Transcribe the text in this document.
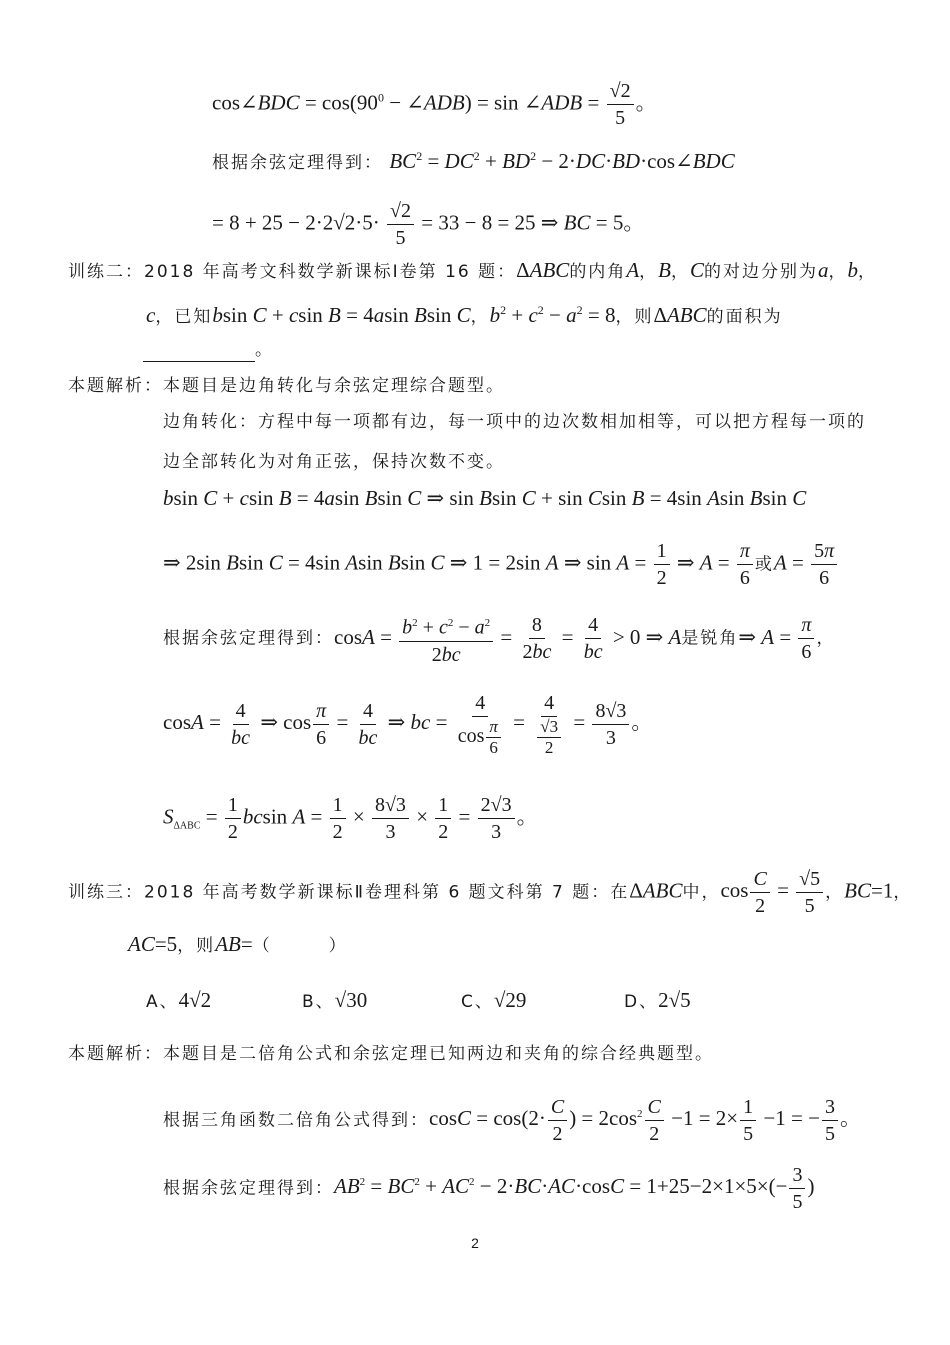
cos∠BDC = $\cos(90^0$ − ∠ADB) = sin ∠ADB = $\frac{√2}{5}$ 。
根据余弦定理得到： $BC^2 = DC^2 + BD^2$ − 2·DC·BD·cos∠BDC
= $8 + 25 - 2\cdot 2√2\cdot 5\cdot \frac{√2}{5} = 33 - 8 = 25$ ⇒ BC = 5。
训练二：2018 年高考文科数学新课标Ⅰ卷第 16 题：ΔABC的内角A，B，C的对边分别为a，b，
c，已知bsin C + csin B = 4asin Bsin C，$b^2 + c^2 - a^2 = 8$，则ΔABC的面积为
。
本题解析：本题目是边角转化与余弦定理综合题型。
边角转化：方程中每一项都有边，每一项中的边次数相加相等，可以把方程每一项的
边全部转化为对角正弦，保持次数不变。
bsin C + csin B = 4asin Bsin C ⇒ sin Bsin C + sin Csin B = 4sin Asin Bsin C
⇒ 2sin Bsin C = 4sin Asin Bsin C ⇒ 1 = 2sin A ⇒ $\sin A = \frac{1}{2}$ ⇒ $A = \frac{\pi}{6}$ 或$A = \frac{5\pi}{6}$
根据余弦定理得到：$\cos A = \frac{b^2 + c^2 - a^2}{2bc} = \frac{8}{2bc} = \frac{4}{bc} > 0$ ⇒ A是锐角⇒ $A = \frac{\pi}{6}$ ，
$\cos A = \frac{4}{bc}$ ⇒ $\cos \frac{\pi}{6} = \frac{4}{bc}$ ⇒ bc = $\frac{4}{\cos \frac{\pi}{6}} = \frac{4}{\frac{√3}{2}} = \frac{8√3}{3}$ 。
$S_{\Delta ABC} = \frac{1}{2}$ bcsin $A = \frac{1}{2} \times \frac{8√3}{3} \times \frac{1}{2} = \frac{2√3}{3}$ 。
训练三：2018 年高考数学新课标Ⅱ卷理科第 6 题文科第 7 题：在ΔABC中，$\cos \frac{C}{2} = \frac{√5}{5}$ ，BC=1，
AC=5，则AB=（　　　）
A、4√2	B、√30	C、√29	D、2√5
本题解析：本题目是二倍角公式和余弦定理已知两边和夹角的综合经典题型。
根据三角函数二倍角公式得到：$\cos C = \cos(2\cdot \frac{C}{2}$ ) = $2\cos^2 \frac{C}{2} -1 = 2\times \frac{1}{5} -1$ = − $\frac{3}{5}$ 。
根据余弦定理得到：$AB^2 = BC^2 + AC^2 - 2\cdot BC\cdot AC\cdot\cos C = 1+25-2\times 1\times 5\times(- \frac{3}{5}$ )
2
